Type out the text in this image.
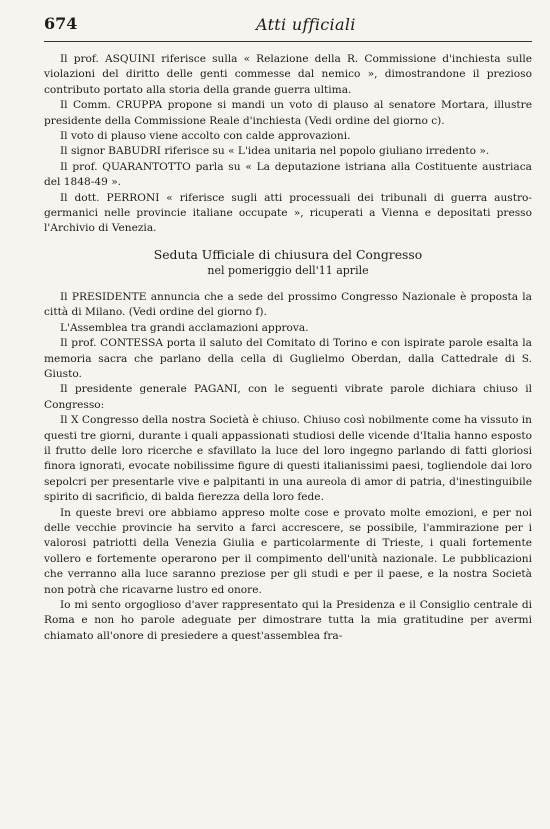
674	Atti ufficiali

Il prof. ASQUINI riferisce sulla « Relazione della R. Commissione d'inchiesta sulle violazioni del diritto delle genti commesse dal nemico », dimostrandone il prezioso contributo portato alla storia della grande guerra ultima.

Il Comm. CRUPPA propone si mandi un voto di plauso al senatore Mortara, illustre presidente della Commissione Reale d'inchiesta (Vedi ordine del giorno c).

Il voto di plauso viene accolto con calde approvazioni.

Il signor BABUDRI riferisce su « L'idea unitaria nel popolo giuliano irredento ».

Il prof. QUARANTOTTO parla su « La deputazione istriana alla Costituente austriaca del 1848-49 ».

Il dott. PERRONI « riferisce sugli atti processuali dei tribunali di guerra austro-germanici nelle provincie italiane occupate », ricuperati a Vienna e depositati presso l'Archivio di Venezia.

Seduta Ufficiale di chiusura del Congresso

nel pomeriggio dell'11 aprile

Il PRESIDENTE annuncia che a sede del prossimo Congresso Nazionale è proposta la città di Milano. (Vedi ordine del giorno f).

L'Assemblea tra grandi acclamazioni approva.

Il prof. CONTESSA porta il saluto del Comitato di Torino e con ispirate parole esalta la memoria sacra che parlano della cella di Guglielmo Oberdan, dalla Cattedrale di S. Giusto.

Il presidente generale PAGANI, con le seguenti vibrate parole dichiara chiuso il Congresso:

Il X Congresso della nostra Società è chiuso. Chiuso così nobilmente come ha vissuto in questi tre giorni, durante i quali appassionati studiosi delle vicende d'Italia hanno esposto il frutto delle loro ricerche e sfavillato la luce del loro ingegno parlando di fatti gloriosi finora ignorati, evocate nobilissime figure di questi italianissimi paesi, togliendole dai loro sepolcri per presentarle vive e palpitanti in una aureola di amor di patria, d'inestinguibile spirito di sacrificio, di balda fierezza della loro fede.

In queste brevi ore abbiamo appreso molte cose e provato molte emozioni, e per noi delle vecchie provincie ha servito a farci accrescere, se possibile, l'ammirazione per i valorosi patriotti della Venezia Giulia e particolarmente di Trieste, i quali fortemente vollero e fortemente operarono per il compimento dell'unità nazionale. Le pubblicazioni che verranno alla luce saranno preziose per gli studi e per il paese, e la nostra Società non potrà che ricavarne lustro ed onore.

Io mi sento orgoglioso d'aver rappresentato qui la Presidenza e il Consiglio centrale di Roma e non ho parole adeguate per dimostrare tutta la mia gratitudine per avermi chiamato all'onore di presiedere a quest'assemblea fra-
